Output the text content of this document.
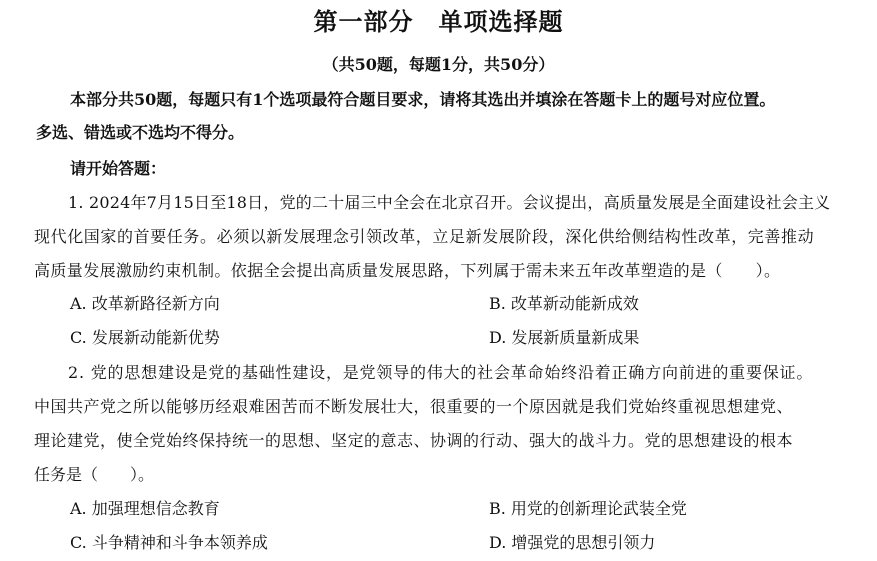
第一部分　单项选择题
（共50题，每题1分，共50分）
本部分共50题，每题只有1个选项最符合题目要求，请将其选出并填涂在答题卡上的题号对应位置。
多选、错选或不选均不得分。
请开始答题：
1. 2024年7月15日至18日，党的二十届三中全会在北京召开。会议提出，高质量发展是全面建设社会主义
现代化国家的首要任务。必须以新发展理念引领改革，立足新发展阶段，深化供给侧结构性改革，完善推动
高质量发展激励约束机制。依据全会提出高质量发展思路，下列属于需未来五年改革塑造的是（　　）。
A. 改革新路径新方向	B. 改革新动能新成效
C. 发展新动能新优势	D. 发展新质量新成果
2. 党的思想建设是党的基础性建设，是党领导的伟大的社会革命始终沿着正确方向前进的重要保证。
中国共产党之所以能够历经艰难困苦而不断发展壮大，很重要的一个原因就是我们党始终重视思想建党、
理论建党，使全党始终保持统一的思想、坚定的意志、协调的行动、强大的战斗力。党的思想建设的根本
任务是（　　）。
A. 加强理想信念教育	B. 用党的创新理论武装全党
C. 斗争精神和斗争本领养成	D. 增强党的思想引领力
